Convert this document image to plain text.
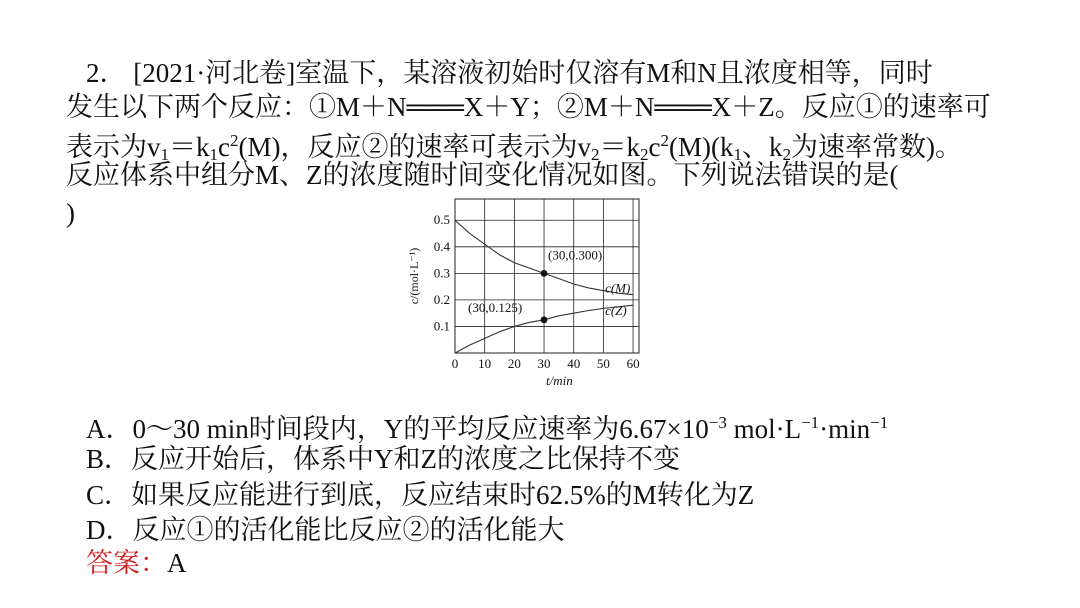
2． [2021·河北卷]室温下，某溶液初始时仅溶有M和N且浓度相等，同时
发生以下两个反应：①M＋N═══X＋Y；②M＋N═══X＋Z。反应①的速率可
表示为$v_1=k_1c^2(M)$，反应②的速率可表示为$v_2=k_2c^2(M)(k_1$、$k_2$为速率常数)。
反应体系中组分M、Z的浓度随时间变化情况如图。下列说法错误的是(
)
0 10 20 30 40 50 60
0.1
0.2
0.3
0.4
0.5
t/min
c/(mol·L⁻¹)	c(M)
c(Z)
(30,0.300)
(30,0.125)
A．0～30 min时间段内，Y的平均反应速率为$6.67\times 10^{-3}$ $mol\cdot L^{-1}\cdot\min^{-1}$
B．反应开始后，体系中Y和Z的浓度之比保持不变
C．如果反应能进行到底，反应结束时62.5%的M转化为Z
D．反应①的活化能比反应②的活化能大
答案：A
